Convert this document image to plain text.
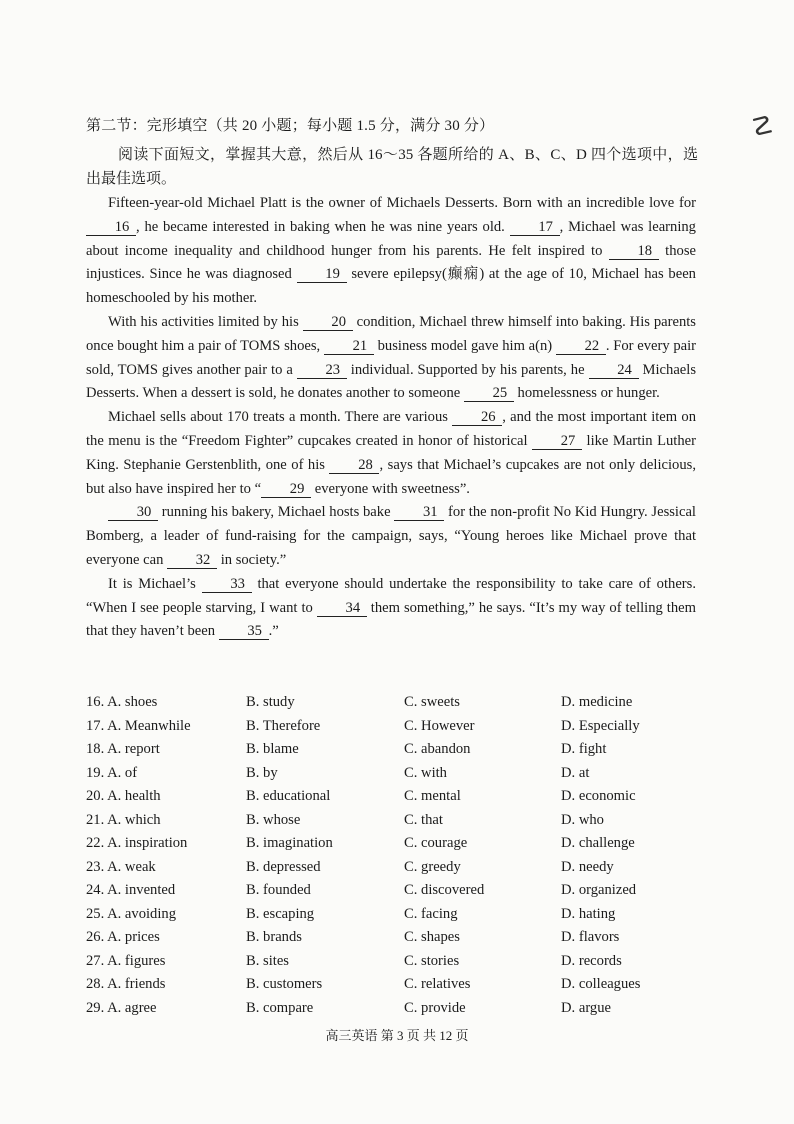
☡
第二节：完形填空（共 20 小题；每小题 1.5 分，满分 30 分）
阅读下面短文，掌握其大意，然后从 16～35 各题所给的 A、B、C、D 四个选项中，选出最佳选项。

Fifteen-year-old Michael Platt is the owner of Michaels Desserts. Born with an incredible love for 16 , he became interested in baking when he was nine years old. 17 , Michael was learning about income inequality and childhood hunger from his parents. He felt inspired to 18 those injustices. Since he was diagnosed 19 severe epilepsy(癫痫) at the age of 10, Michael has been homeschooled by his mother.

With his activities limited by his 20 condition, Michael threw himself into baking. His parents once bought him a pair of TOMS shoes, 21 business model gave him a(n) 22 . For every pair sold, TOMS gives another pair to a 23 individual. Supported by his parents, he 24 Michaels Desserts. When a dessert is sold, he donates another to someone 25 homelessness or hunger.

Michael sells about 170 treats a month. There are various 26 , and the most important item on the menu is the “Freedom Fighter” cupcakes created in honor of historical 27 like Martin Luther King. Stephanie Gerstenblith, one of his 28 , says that Michael’s cupcakes are not only delicious, but also have inspired her to “ 29 everyone with sweetness”.

30 running his bakery, Michael hosts bake 31 for the non-profit No Kid Hungry. Jessical Bomberg, a leader of fund-raising for the campaign, says, “Young heroes like Michael prove that everyone can 32 in society.”

It is Michael’s 33 that everyone should undertake the responsibility to take care of others. “When I see people starving, I want to 34 them something,” he says. “It’s my way of telling them that they haven’t been 35 .”

16. A. shoes	B. study	C. sweets	D. medicine
17. A. Meanwhile	B. Therefore	C. However	D. Especially
18. A. report	B. blame	C. abandon	D. fight
19. A. of	B. by	C. with	D. at
20. A. health	B. educational	C. mental	D. economic
21. A. which	B. whose	C. that	D. who
22. A. inspiration	B. imagination	C. courage	D. challenge
23. A. weak	B. depressed	C. greedy	D. needy
24. A. invented	B. founded	C. discovered	D. organized
25. A. avoiding	B. escaping	C. facing	D. hating
26. A. prices	B. brands	C. shapes	D. flavors
27. A. figures	B. sites	C. stories	D. records
28. A. friends	B. customers	C. relatives	D. colleagues
29. A. agree	B. compare	C. provide	D. argue
高三英语 第 3 页 共 12 页
